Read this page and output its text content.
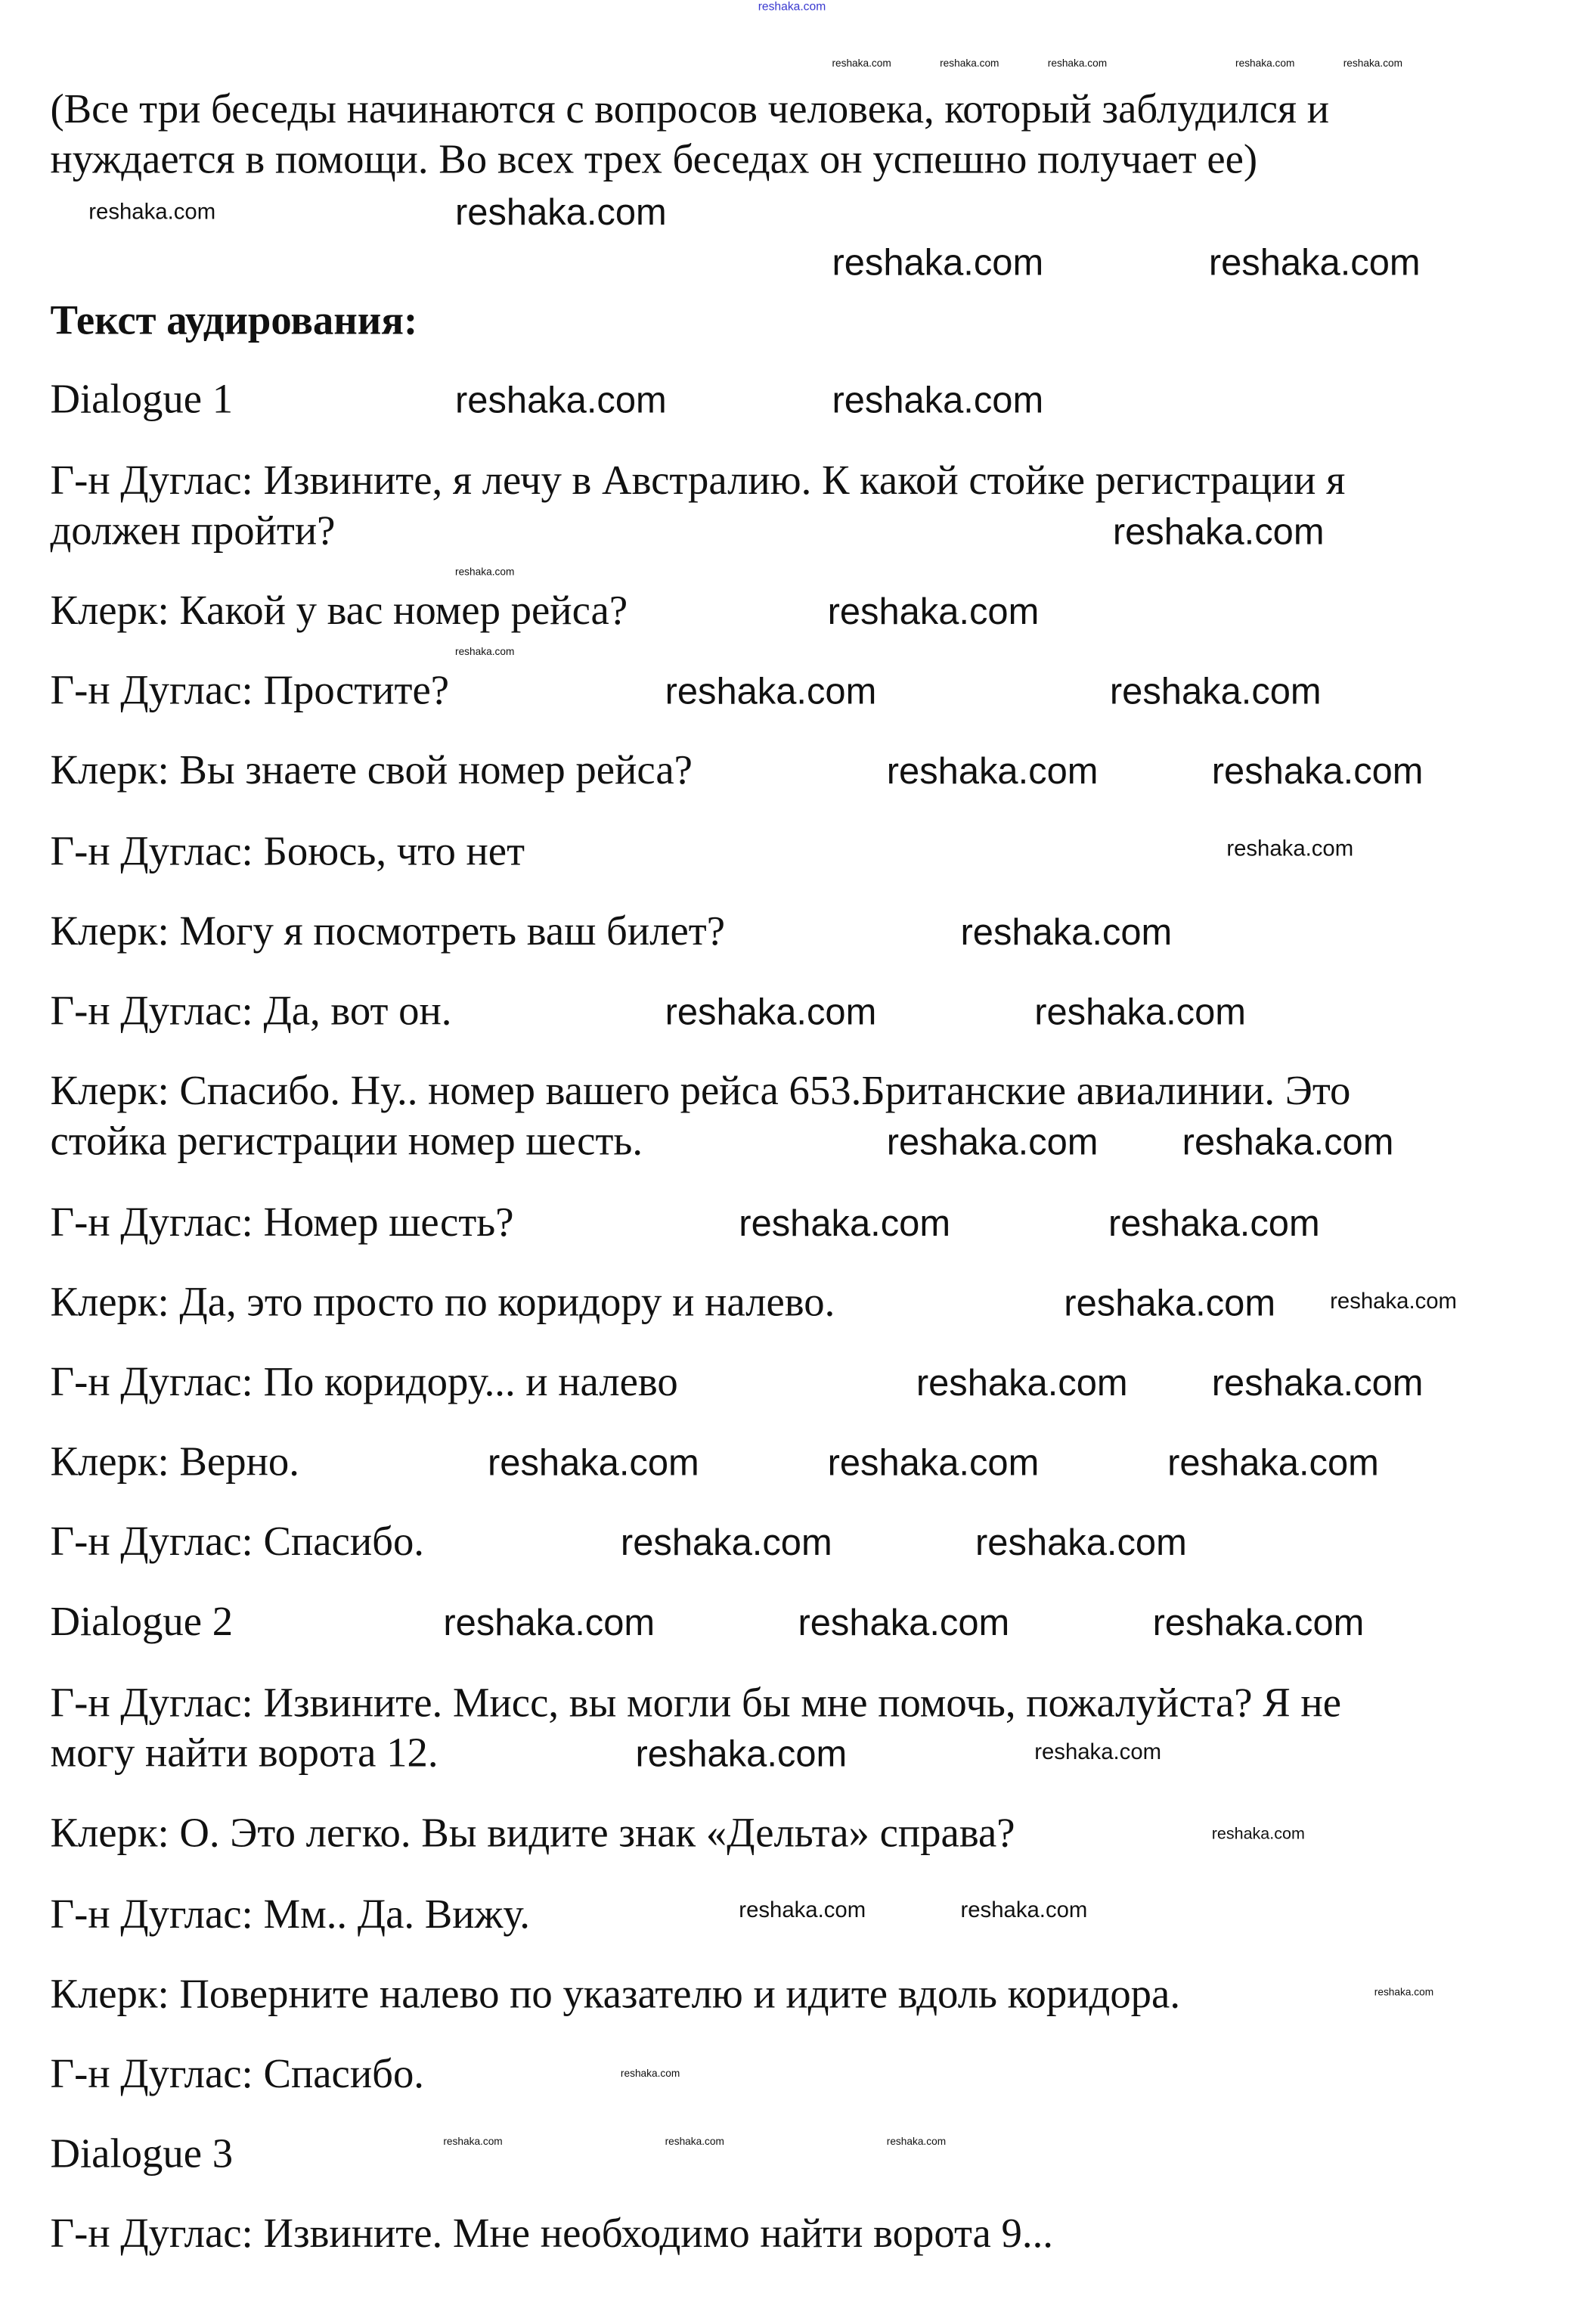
reshaka.com
(Все три беседы начинаются с вопросов человека, который заблудился и
нуждается в помощи. Во всех трех беседах он успешно получает ее)
Текст аудирования:
Dialogue 1
Г-н Дуглас: Извините, я лечу в Австралию. К какой стойке регистрации я
должен пройти?
Клерк: Какой у вас номер рейса?
Г-н Дуглас: Простите?
Клерк: Вы знаете свой номер рейса?
Г-н Дуглас: Боюсь, что нет
Клерк: Могу я посмотреть ваш билет?
Г-н Дуглас: Да, вот он.
Клерк: Спасибо. Ну.. номер вашего рейса 653.Британские авиалинии. Это
стойка регистрации номер шесть.
Г-н Дуглас: Номер шесть?
Клерк: Да, это просто по коридору и налево.
Г-н Дуглас: По коридору... и налево
Клерк: Верно.
Г-н Дуглас: Спасибо.
Dialogue 2
Г-н Дуглас: Извините. Мисс, вы могли бы мне помочь, пожалуйста? Я не
могу найти ворота 12.
Клерк: О. Это легко. Вы видите знак «Дельта» справа?
Г-н Дуглас: Мм.. Да. Вижу.
Клерк: Поверните налево по указателю и идите вдоль коридора.
Г-н Дуглас: Спасибо.
Dialogue 3
Г-н Дуглас: Извините. Мне необходимо найти ворота 9...
reshaka.com	reshaka.com	reshaka.com	reshaka.com	reshaka.com
reshaka.com	reshaka.com
reshaka.com	reshaka.com
reshaka.com	reshaka.com
reshaka.com
reshaka.com
reshaka.com
reshaka.com
reshaka.com	reshaka.com
reshaka.com	reshaka.com
reshaka.com
reshaka.com
reshaka.com	reshaka.com
reshaka.com	reshaka.com
reshaka.com	reshaka.com
reshaka.com	reshaka.com
reshaka.com	reshaka.com
reshaka.com	reshaka.com	reshaka.com
reshaka.com	reshaka.com
reshaka.com	reshaka.com	reshaka.com
reshaka.com	reshaka.com
reshaka.com
reshaka.com	reshaka.com
reshaka.com
reshaka.com
reshaka.com	reshaka.com	reshaka.com
